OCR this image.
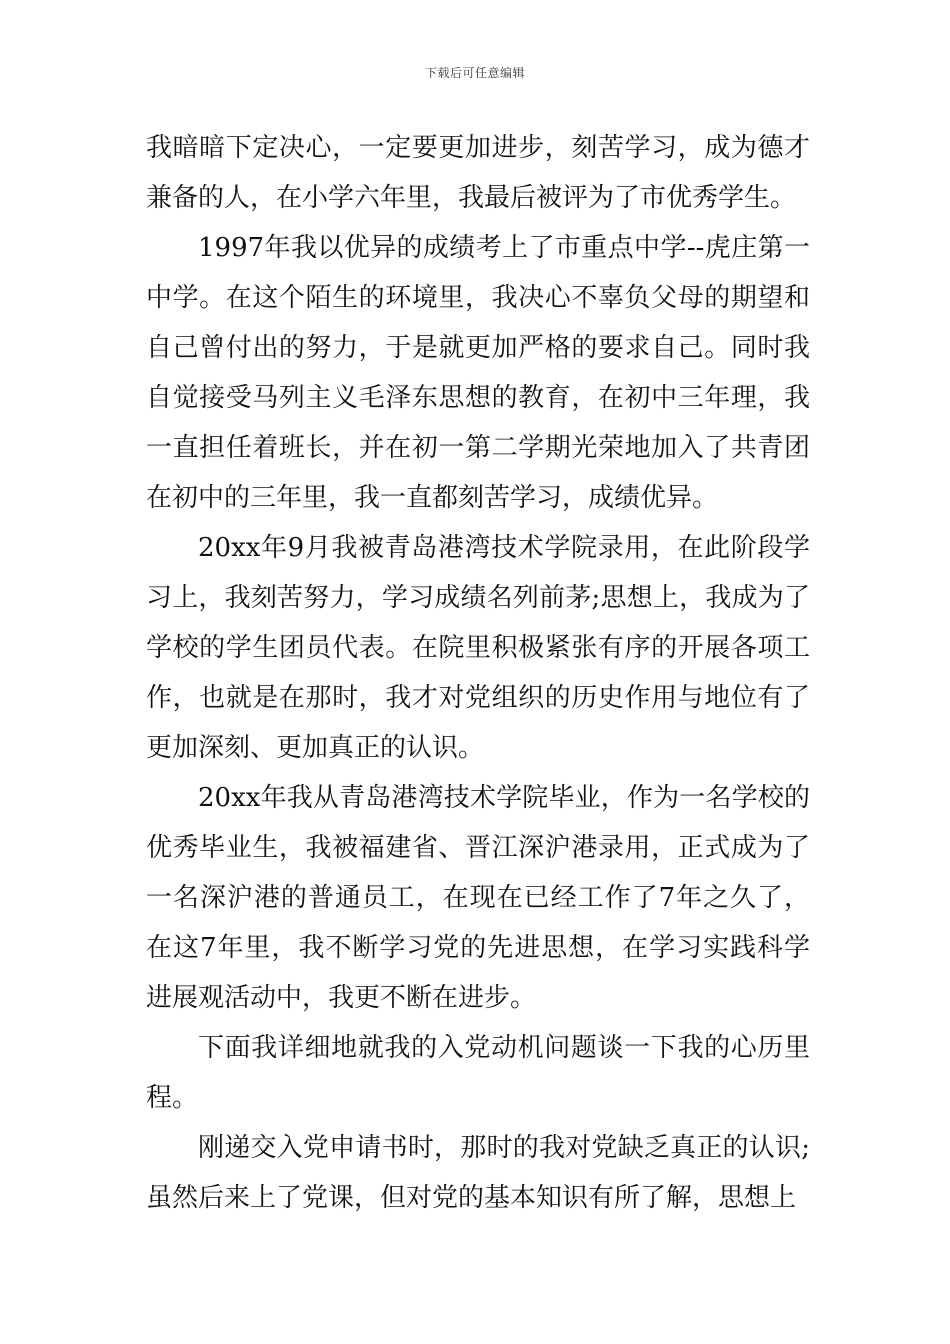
下载后可任意编辑

我暗暗下定决心，一定要更加进步，刻苦学习，成为德才兼备的人，在小学六年里，我最后被评为了市优秀学生。

1997年我以优异的成绩考上了市重点中学--虎庄第一中学。在这个陌生的环境里，我决心不辜负父母的期望和自己曾付出的努力，于是就更加严格的要求自己。同时我自觉接受马列主义毛泽东思想的教育，在初中三年理，我一直担任着班长，并在初一第二学期光荣地加入了共青团在初中的三年里，我一直都刻苦学习，成绩优异。

20xx年9月我被青岛港湾技术学院录用，在此阶段学习上，我刻苦努力，学习成绩名列前茅;思想上，我成为了学校的学生团员代表。在院里积极紧张有序的开展各项工作，也就是在那时，我才对党组织的历史作用与地位有了更加深刻、更加真正的认识。

20xx年我从青岛港湾技术学院毕业，作为一名学校的优秀毕业生，我被福建省、晋江深沪港录用，正式成为了一名深沪港的普通员工，在现在已经工作了7年之久了，在这7年里，我不断学习党的先进思想，在学习实践科学进展观活动中，我更不断在进步。

下面我详细地就我的入党动机问题谈一下我的心历里程。

刚递交入党申请书时，那时的我对党缺乏真正的认识;虽然后来上了党课，但对党的基本知识有所了解，思想上
